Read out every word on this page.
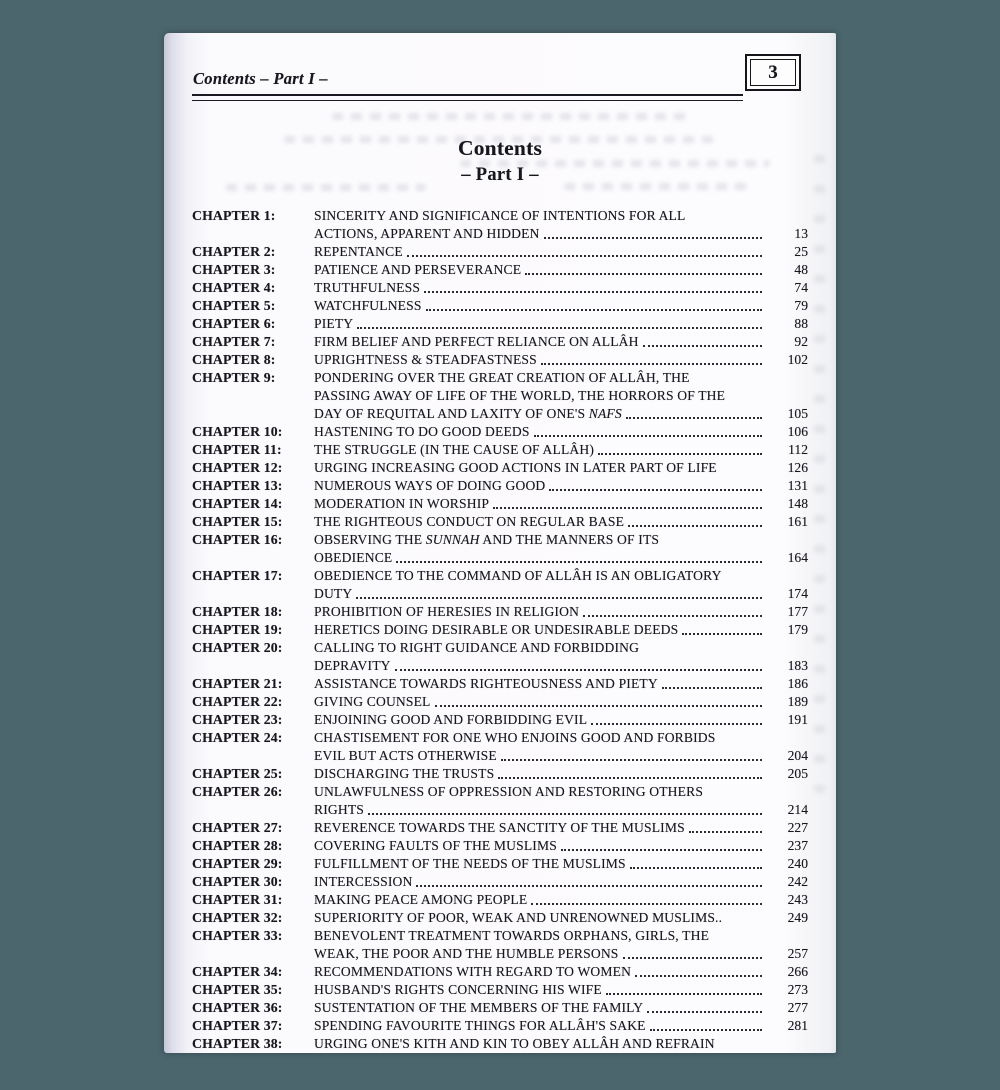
Contents – Part I –	3
Contents
– Part I –
CHAPTER 1:	SINCERITY AND SIGNIFICANCE OF INTENTIONS FOR ALL
ACTIONS, APPARENT AND HIDDEN	13
CHAPTER 2:	REPENTANCE	25
CHAPTER 3:	PATIENCE AND PERSEVERANCE	48
CHAPTER 4:	TRUTHFULNESS	74
CHAPTER 5:	WATCHFULNESS	79
CHAPTER 6:	PIETY	88
CHAPTER 7:	FIRM BELIEF AND PERFECT RELIANCE ON ALLÂH	92
CHAPTER 8:	UPRIGHTNESS & STEADFASTNESS	102
CHAPTER 9:	PONDERING OVER THE GREAT CREATION OF ALLÂH, THE
PASSING AWAY OF LIFE OF THE WORLD, THE HORRORS OF THE
DAY OF REQUITAL AND LAXITY OF ONE'S NAFS	105
CHAPTER 10:	HASTENING TO DO GOOD DEEDS	106
CHAPTER 11:	THE STRUGGLE (IN THE CAUSE OF ALLÂH)	112
CHAPTER 12:	URGING INCREASING GOOD ACTIONS IN LATER PART OF LIFE	126
CHAPTER 13:	NUMEROUS WAYS OF DOING GOOD	131
CHAPTER 14:	MODERATION IN WORSHIP	148
CHAPTER 15:	THE RIGHTEOUS CONDUCT ON REGULAR BASE	161
CHAPTER 16:	OBSERVING THE SUNNAH AND THE MANNERS OF ITS
OBEDIENCE	164
CHAPTER 17:	OBEDIENCE TO THE COMMAND OF ALLÂH IS AN OBLIGATORY
DUTY	174
CHAPTER 18:	PROHIBITION OF HERESIES IN RELIGION	177
CHAPTER 19:	HERETICS DOING DESIRABLE OR UNDESIRABLE DEEDS	179
CHAPTER 20:	CALLING TO RIGHT GUIDANCE AND FORBIDDING
DEPRAVITY	183
CHAPTER 21:	ASSISTANCE TOWARDS RIGHTEOUSNESS AND PIETY	186
CHAPTER 22:	GIVING COUNSEL	189
CHAPTER 23:	ENJOINING GOOD AND FORBIDDING EVIL	191
CHAPTER 24:	CHASTISEMENT FOR ONE WHO ENJOINS GOOD AND FORBIDS
EVIL BUT ACTS OTHERWISE	204
CHAPTER 25:	DISCHARGING THE TRUSTS	205
CHAPTER 26:	UNLAWFULNESS OF OPPRESSION AND RESTORING OTHERS
RIGHTS	214
CHAPTER 27:	REVERENCE TOWARDS THE SANCTITY OF THE MUSLIMS	227
CHAPTER 28:	COVERING FAULTS OF THE MUSLIMS	237
CHAPTER 29:	FULFILLMENT OF THE NEEDS OF THE MUSLIMS	240
CHAPTER 30:	INTERCESSION	242
CHAPTER 31:	MAKING PEACE AMONG PEOPLE	243
CHAPTER 32:	SUPERIORITY OF POOR, WEAK AND UNRENOWNED MUSLIMS..	249
CHAPTER 33:	BENEVOLENT TREATMENT TOWARDS ORPHANS, GIRLS, THE
WEAK, THE POOR AND THE HUMBLE PERSONS	257
CHAPTER 34:	RECOMMENDATIONS WITH REGARD TO WOMEN	266
CHAPTER 35:	HUSBAND'S RIGHTS CONCERNING HIS WIFE	273
CHAPTER 36:	SUSTENTATION OF THE MEMBERS OF THE FAMILY	277
CHAPTER 37:	SPENDING FAVOURITE THINGS FOR ALLÂH'S SAKE	281
CHAPTER 38:	URGING ONE'S KITH AND KIN TO OBEY ALLÂH AND REFRAIN
